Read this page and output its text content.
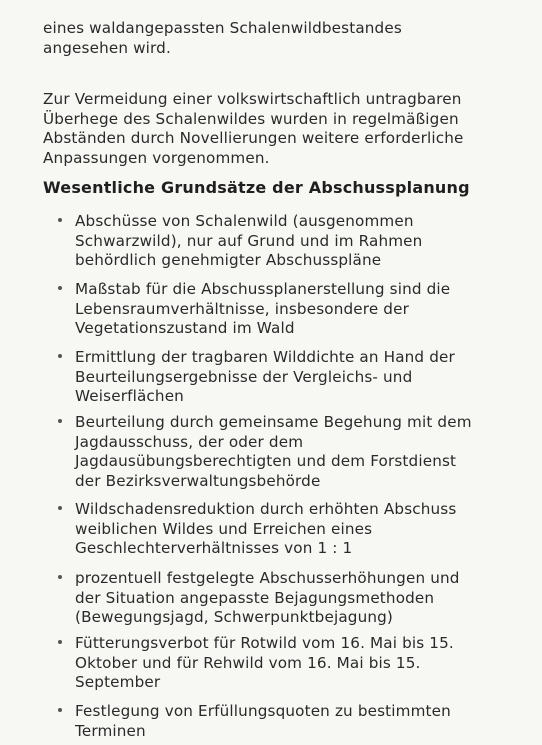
eines waldangepassten Schalenwildbestandes
angesehen wird.

Zur Vermeidung einer volkswirtschaftlich untragbaren
Überhege des Schalenwildes wurden in regelmäßigen
Abständen durch Novellierungen weitere erforderliche
Anpassungen vorgenommen.

Wesentliche Grundsätze der Abschussplanung
Abschüsse von Schalenwild (ausgenommen
Schwarzwild), nur auf Grund und im Rahmen
behördlich genehmigter Abschusspläne
Maßstab für die Abschussplanerstellung sind die
Lebensraumverhältnisse, insbesondere der
Vegetationszustand im Wald
Ermittlung der tragbaren Wilddichte an Hand der
Beurteilungsergebnisse der Vergleichs- und
Weiserflächen
Beurteilung durch gemeinsame Begehung mit dem
Jagdausschuss, der oder dem
Jagdausübungsberechtigten und dem Forstdienst
der Bezirksverwaltungsbehörde
Wildschadensreduktion durch erhöhten Abschuss
weiblichen Wildes und Erreichen eines
Geschlechterverhältnisses von 1 : 1
prozentuell festgelegte Abschusserhöhungen und
der Situation angepasste Bejagungsmethoden
(Bewegungsjagd, Schwerpunktbejagung)
Fütterungsverbot für Rotwild vom 16. Mai bis 15.
Oktober und für Rehwild vom 16. Mai bis 15.
September
Festlegung von Erfüllungsquoten zu bestimmten
Terminen
